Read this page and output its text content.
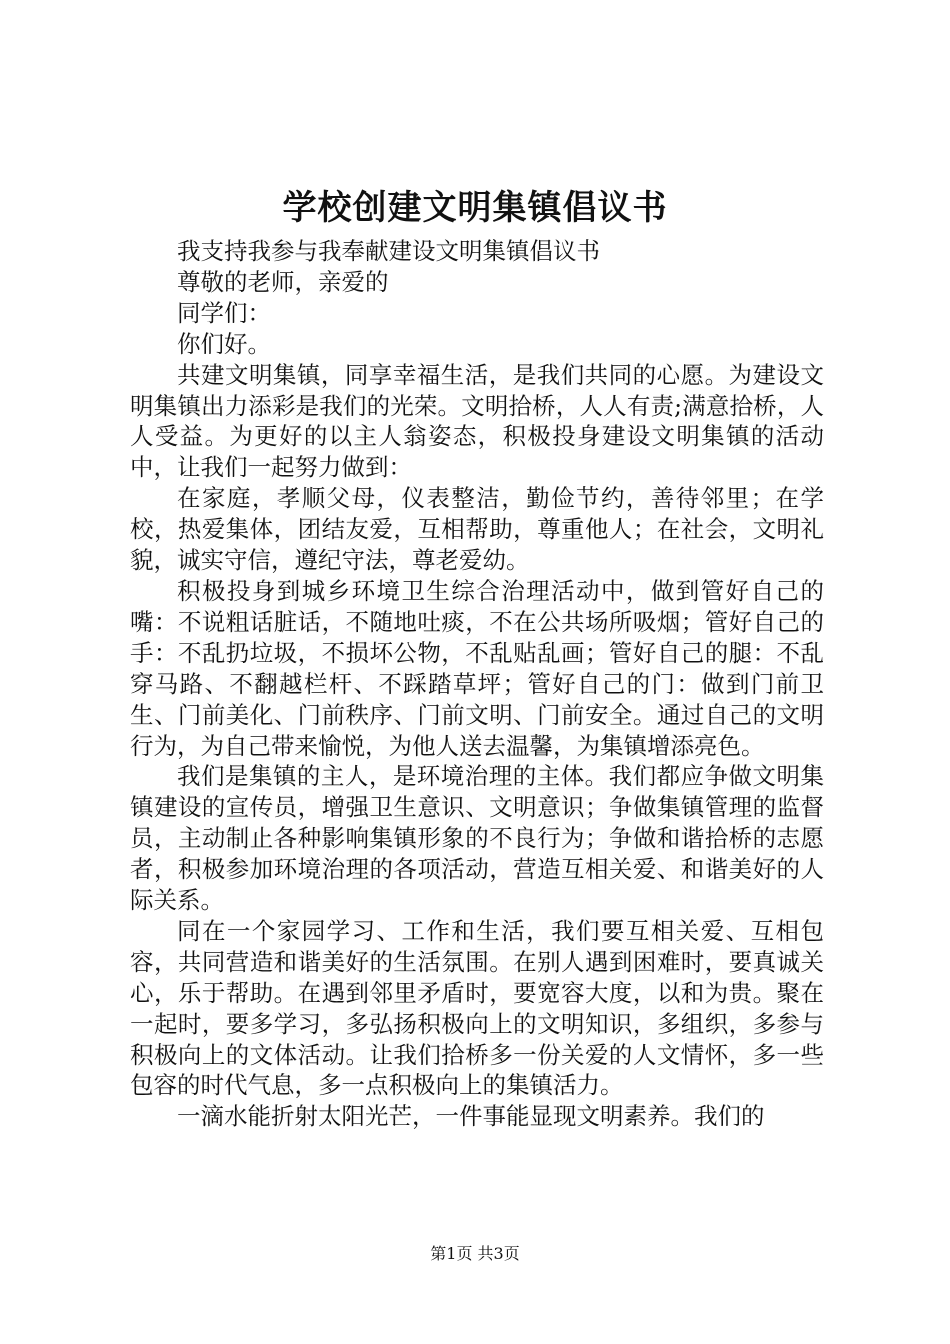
学校创建文明集镇倡议书

我支持我参与我奉献建设文明集镇倡议书

尊敬的老师，亲爱的

同学们：

你们好。

共建文明集镇，同享幸福生活，是我们共同的心愿。为建设文明集镇出力添彩是我们的光荣。文明拾桥，人人有责;满意拾桥，人人受益。为更好的以主人翁姿态，积极投身建设文明集镇的活动中，让我们一起努力做到：

在家庭，孝顺父母，仪表整洁，勤俭节约，善待邻里；在学校，热爱集体，团结友爱，互相帮助，尊重他人；在社会，文明礼貌，诚实守信，遵纪守法，尊老爱幼。

积极投身到城乡环境卫生综合治理活动中，做到管好自己的嘴：不说粗话脏话，不随地吐痰，不在公共场所吸烟；管好自己的手：不乱扔垃圾，不损坏公物，不乱贴乱画；管好自己的腿：不乱穿马路、不翻越栏杆、不踩踏草坪；管好自己的门：做到门前卫生、门前美化、门前秩序、门前文明、门前安全。通过自己的文明行为，为自己带来愉悦，为他人送去温馨，为集镇增添亮色。

我们是集镇的主人，是环境治理的主体。我们都应争做文明集镇建设的宣传员，增强卫生意识、文明意识；争做集镇管理的监督员，主动制止各种影响集镇形象的不良行为；争做和谐拾桥的志愿者，积极参加环境治理的各项活动，营造互相关爱、和谐美好的人际关系。

同在一个家园学习、工作和生活，我们要互相关爱、互相包容，共同营造和谐美好的生活氛围。在别人遇到困难时，要真诚关心，乐于帮助。在遇到邻里矛盾时，要宽容大度，以和为贵。聚在一起时，要多学习，多弘扬积极向上的文明知识，多组织，多参与积极向上的文体活动。让我们拾桥多一份关爱的人文情怀，多一些包容的时代气息，多一点积极向上的集镇活力。

一滴水能折射太阳光芒，一件事能显现文明素养。我们的

第1页 共3页
